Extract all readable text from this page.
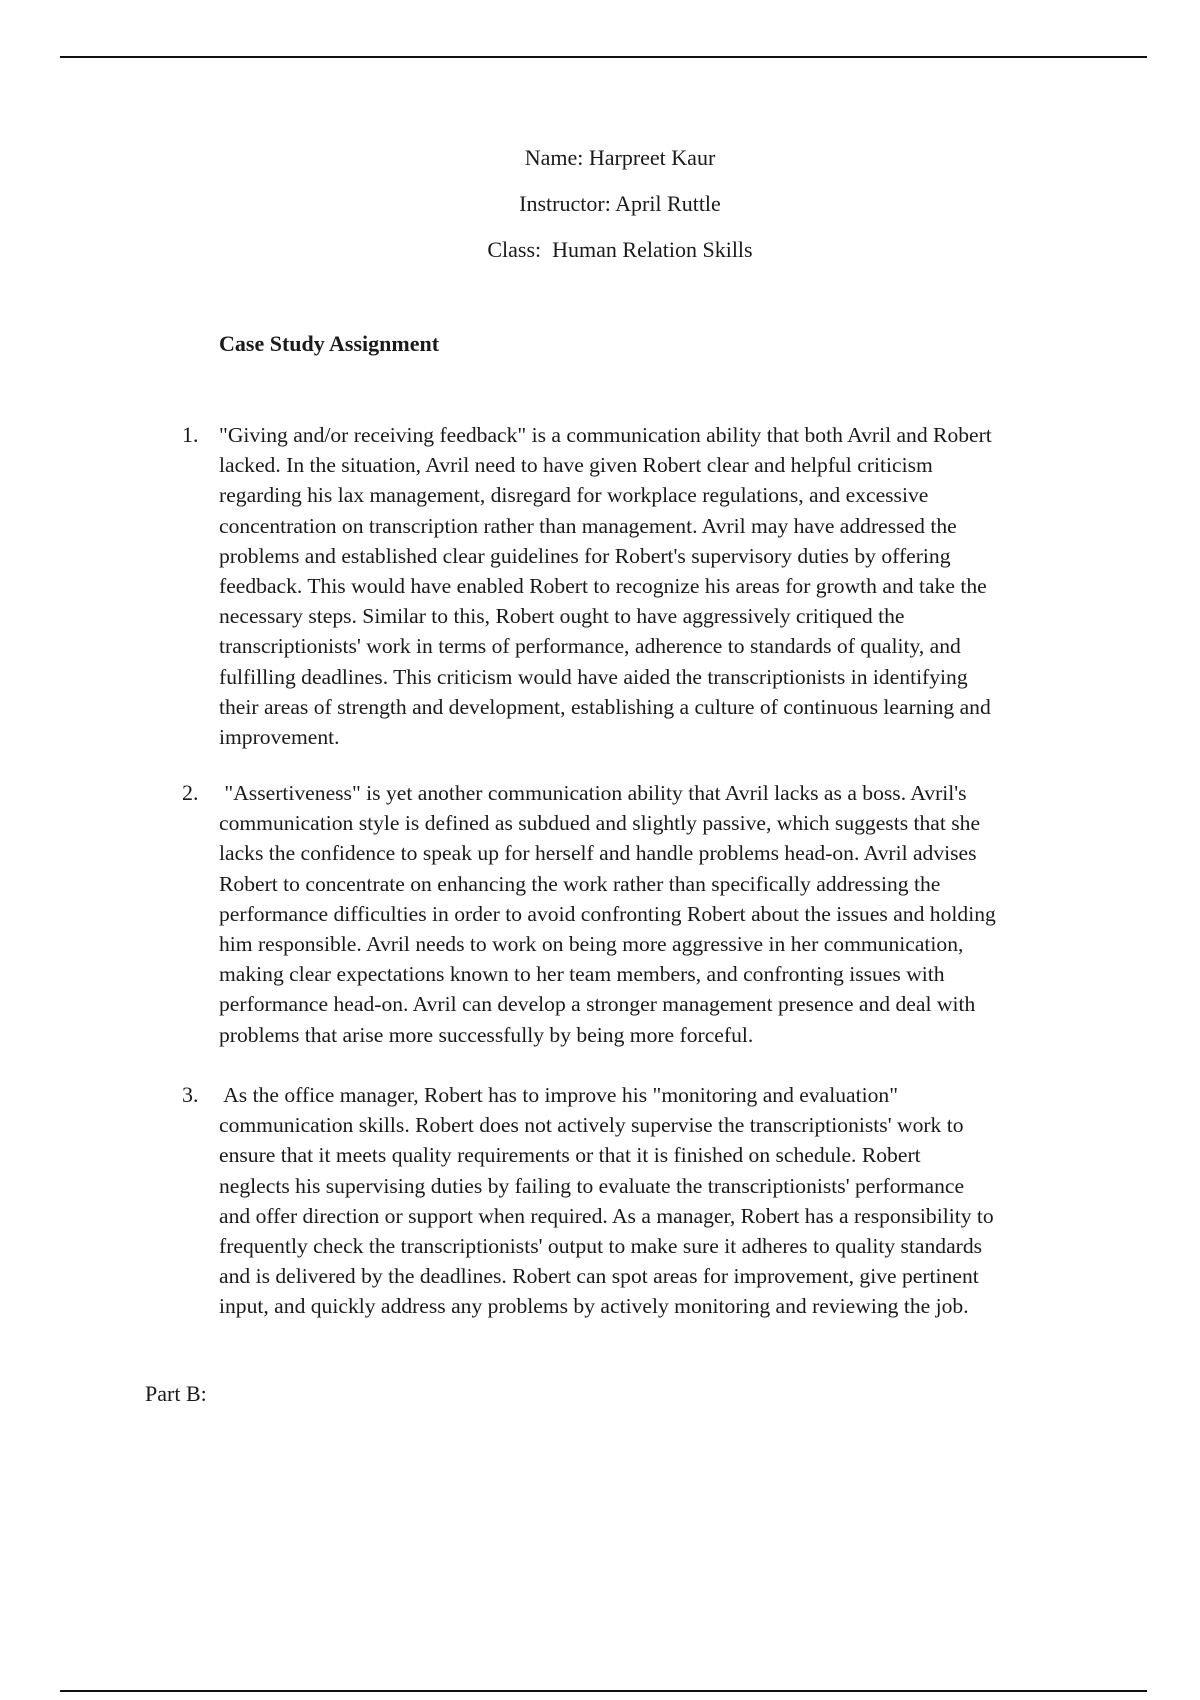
Name: Harpreet Kaur
Instructor: April Ruttle
Class:  Human Relation Skills
Case Study Assignment
1. "Giving and/or receiving feedback" is a communication ability that both Avril and Robert
lacked. In the situation, Avril need to have given Robert clear and helpful criticism
regarding his lax management, disregard for workplace regulations, and excessive
concentration on transcription rather than management. Avril may have addressed the
problems and established clear guidelines for Robert's supervisory duties by offering
feedback. This would have enabled Robert to recognize his areas for growth and take the
necessary steps. Similar to this, Robert ought to have aggressively critiqued the
transcriptionists' work in terms of performance, adherence to standards of quality, and
fulfilling deadlines. This criticism would have aided the transcriptionists in identifying
their areas of strength and development, establishing a culture of continuous learning and
improvement.
2. "Assertiveness" is yet another communication ability that Avril lacks as a boss. Avril's
communication style is defined as subdued and slightly passive, which suggests that she
lacks the confidence to speak up for herself and handle problems head-on. Avril advises
Robert to concentrate on enhancing the work rather than specifically addressing the
performance difficulties in order to avoid confronting Robert about the issues and holding
him responsible. Avril needs to work on being more aggressive in her communication,
making clear expectations known to her team members, and confronting issues with
performance head-on. Avril can develop a stronger management presence and deal with
problems that arise more successfully by being more forceful.
3. As the office manager, Robert has to improve his "monitoring and evaluation"
communication skills. Robert does not actively supervise the transcriptionists' work to
ensure that it meets quality requirements or that it is finished on schedule. Robert
neglects his supervising duties by failing to evaluate the transcriptionists' performance
and offer direction or support when required. As a manager, Robert has a responsibility to
frequently check the transcriptionists' output to make sure it adheres to quality standards
and is delivered by the deadlines. Robert can spot areas for improvement, give pertinent
input, and quickly address any problems by actively monitoring and reviewing the job.
Part B:
